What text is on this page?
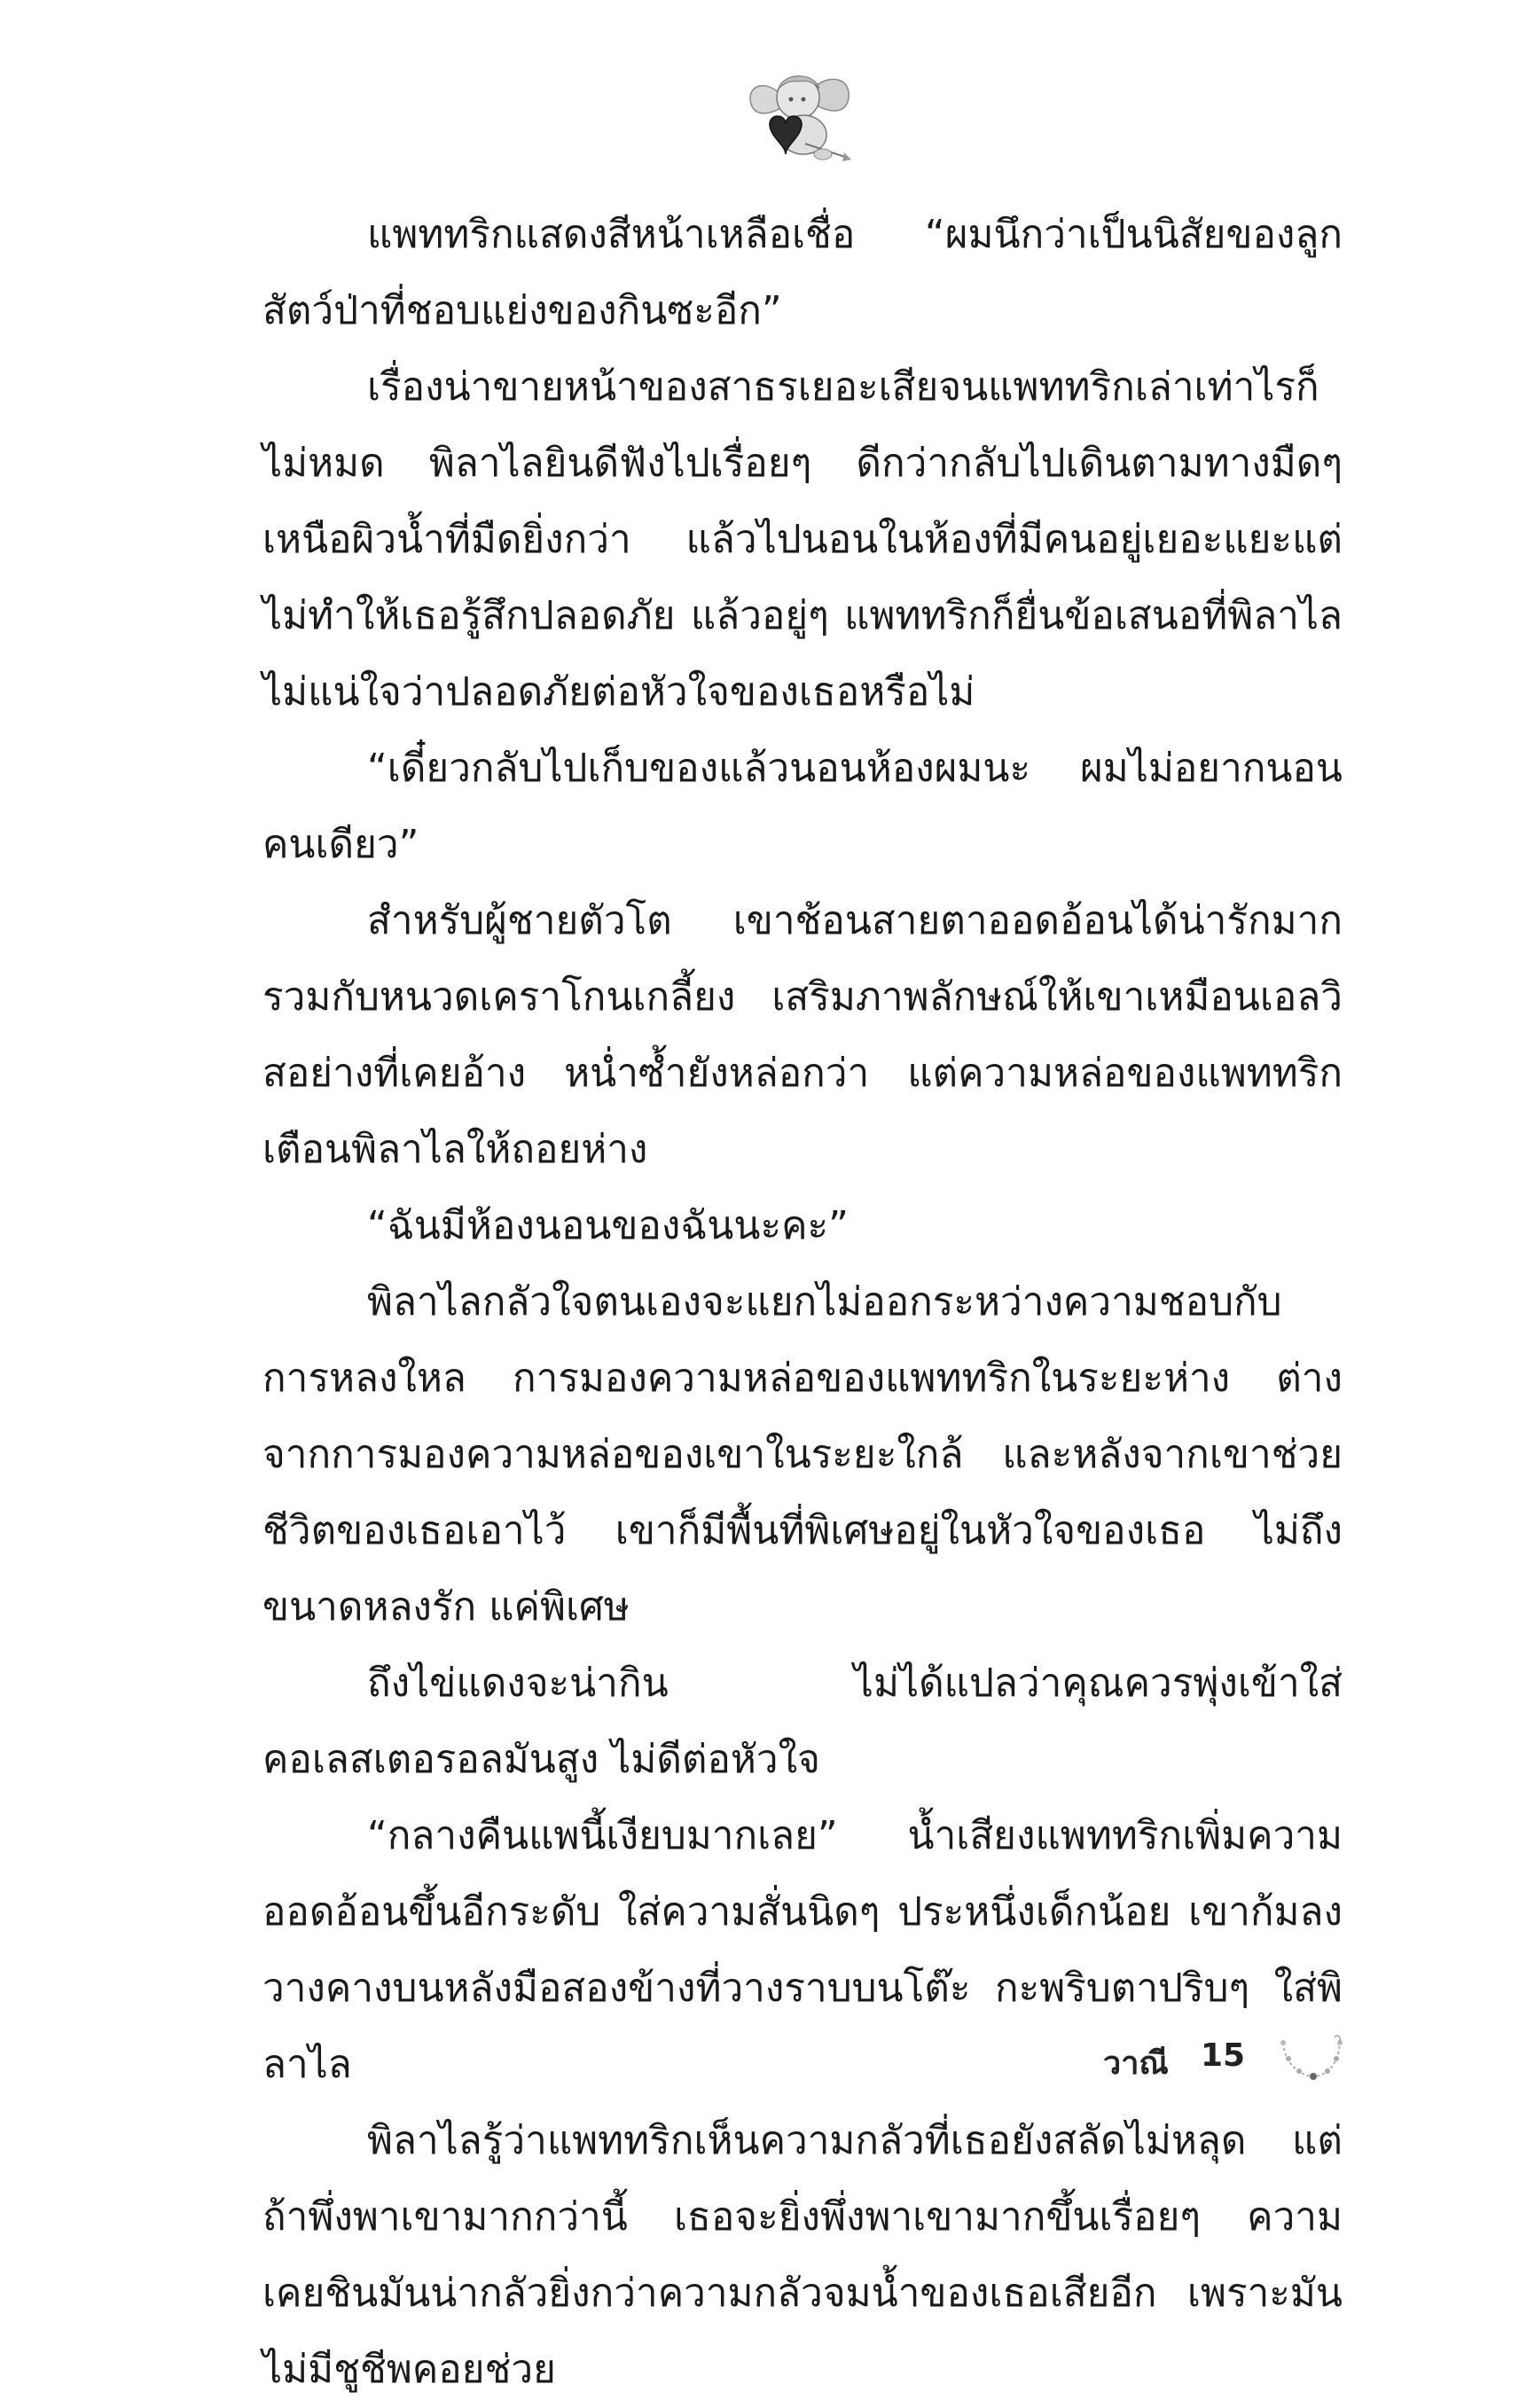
แพททริกแสดงสีหน้าเหลือเชื่อ “ผมนึกว่าเป็นนิสัยของลูกสัตว์ป่าที่ชอบแย่งของกินซะอีก”

เรื่องน่าขายหน้าของสาธรเยอะเสียจนแพททริกเล่าเท่าไรก็ไม่หมด พิลาไลยินดีฟังไปเรื่อยๆ ดีกว่ากลับไปเดินตามทางมืดๆ เหนือผิวน้ำที่มืดยิ่งกว่า แล้วไปนอนในห้องที่มีคนอยู่เยอะแยะแต่ไม่ทำให้เธอรู้สึกปลอดภัย แล้วอยู่ๆ แพททริกก็ยื่นข้อเสนอที่พิลาไลไม่แน่ใจว่าปลอดภัยต่อหัวใจของเธอหรือไม่

“เดี๋ยวกลับไปเก็บของแล้วนอนห้องผมนะ ผมไม่อยากนอนคนเดียว”

สำหรับผู้ชายตัวโต เขาช้อนสายตาออดอ้อนได้น่ารักมาก รวมกับหนวดเคราโกนเกลี้ยง เสริมภาพลักษณ์ให้เขาเหมือนเอลวิสอย่างที่เคยอ้าง หน่ำซ้ำยังหล่อกว่า แต่ความหล่อของแพททริกเตือนพิลาไลให้ถอยห่าง

“ฉันมีห้องนอนของฉันนะคะ”

พิลาไลกลัวใจตนเองจะแยกไม่ออกระหว่างความชอบกับการหลงใหล การมองความหล่อของแพททริกในระยะห่าง ต่างจากการมองความหล่อของเขาในระยะใกล้ และหลังจากเขาช่วยชีวิตของเธอเอาไว้ เขาก็มีพื้นที่พิเศษอยู่ในหัวใจของเธอ ไม่ถึงขนาดหลงรัก แค่พิเศษ

ถึงไข่แดงจะน่ากิน ไม่ได้แปลว่าคุณควรพุ่งเข้าใส่ คอเลสเตอรอลมันสูง ไม่ดีต่อหัวใจ

“กลางคืนแพนี้เงียบมากเลย” น้ำเสียงแพททริกเพิ่มความออดอ้อนขึ้นอีกระดับ ใส่ความสั่นนิดๆ ประหนึ่งเด็กน้อย เขาก้มลงวางคางบนหลังมือสองข้างที่วางราบบนโต๊ะ กะพริบตาปริบๆ ใส่พิลาไล

พิลาไลรู้ว่าแพททริกเห็นความกลัวที่เธอยังสลัดไม่หลุด แต่ถ้าพึ่งพาเขามากกว่านี้ เธอจะยิ่งพึ่งพาเขามากขึ้นเรื่อยๆ ความเคยชินมันน่ากลัวยิ่งกว่าความกลัวจมน้ำของเธอเสียอีก เพราะมันไม่มีชูชีพคอยช่วย

วาณี 15
